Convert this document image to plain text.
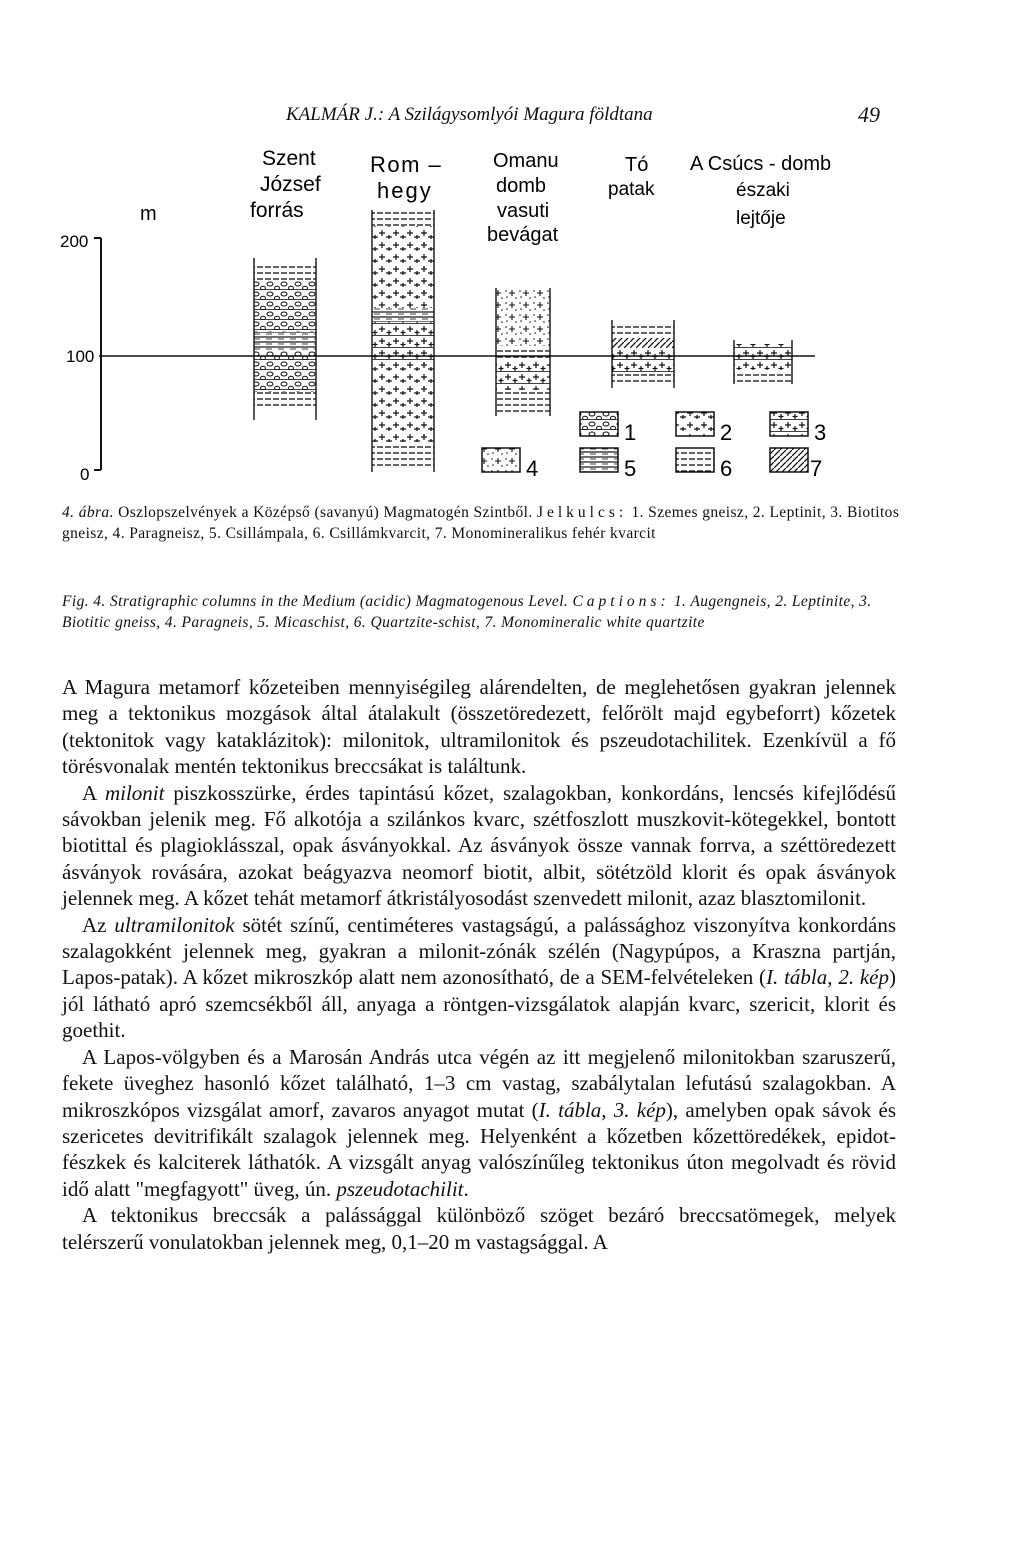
KALMÁR J.: A Szilágysomlyói Magura földtana	49
m
200
100
0
Szent
József
forrás
Rom –
hegy
Omanu
domb
vasuti
bevágat
Tó
patak
A Csúcs - domb
északi
lejtője
1	2	3
4	5	6	7
4. ábra. Oszlopszelvények a Középső (savanyú) Magmatogén Szintből. Jelkulcs: 1. Szemes gneisz, 2. Leptinit, 3. Biotitos gneisz, 4. Paragneisz, 5. Csillámpala, 6. Csillámkvarcit, 7. Monomineralikus fehér kvarcit
Fig. 4. Stratigraphic columns in the Medium (acidic) Magmatogenous Level. Captions: 1. Augengneis, 2. Leptinite, 3. Biotitic gneiss, 4. Paragneis, 5. Micaschist, 6. Quartzite-schist, 7. Monomineralic white quartzite

A Magura metamorf kőzeteiben mennyiségileg alárendelten, de meglehetősen gyakran jelennek meg a tektonikus mozgások által átalakult (összetöredezett, felőrölt majd egybeforrt) kőzetek (tektonitok vagy kataklázitok): milonitok, ultramilonitok és pszeudotachilitek. Ezenkívül a fő törésvonalak mentén tektonikus breccsákat is találtunk.

A milonit piszkosszürke, érdes tapintású kőzet, szalagokban, konkordáns, lencsés kifejlődésű sávokban jelenik meg. Fő alkotója a szilánkos kvarc, szétfoszlott muszkovit-kötegekkel, bontott biotittal és plagioklásszal, opak ásványokkal. Az ásványok össze vannak forrva, a széttöredezett ásványok rovására, azokat beágyazva neomorf biotit, albit, sötétzöld klorit és opak ásványok jelennek meg. A kőzet tehát metamorf átkristályosodást szenvedett milonit, azaz blasztomilonit.

Az ultramilonitok sötét színű, centiméteres vastagságú, a palássághoz viszonyítva konkordáns szalagokként jelennek meg, gyakran a milonit-zónák szélén (Nagypúpos, a Kraszna partján, Lapos-patak). A kőzet mikroszkóp alatt nem azonosítható, de a SEM-felvételeken (I. tábla, 2. kép) jól látható apró szemcsékből áll, anyaga a röntgen-vizsgálatok alapján kvarc, szericit, klorit és goethit.

A Lapos-völgyben és a Marosán András utca végén az itt megjelenő milonitokban szaruszerű, fekete üveghez hasonló kőzet található, 1–3 cm vastag, szabálytalan lefutású szalagokban. A mikroszkópos vizsgálat amorf, zavaros anyagot mutat (I. tábla, 3. kép), amelyben opak sávok és szericetes devitrifikált szalagok jelennek meg. Helyenként a kőzetben kőzettöredékek, epidot-fészkek és kalciterek láthatók. A vizsgált anyag valószínűleg tektonikus úton megolvadt és rövid idő alatt "megfagyott" üveg, ún. pszeudotachilit.

A tektonikus breccsák a palássággal különböző szöget bezáró breccsatömegek, melyek telérszerű vonulatokban jelennek meg, 0,1–20 m vastagsággal. A
